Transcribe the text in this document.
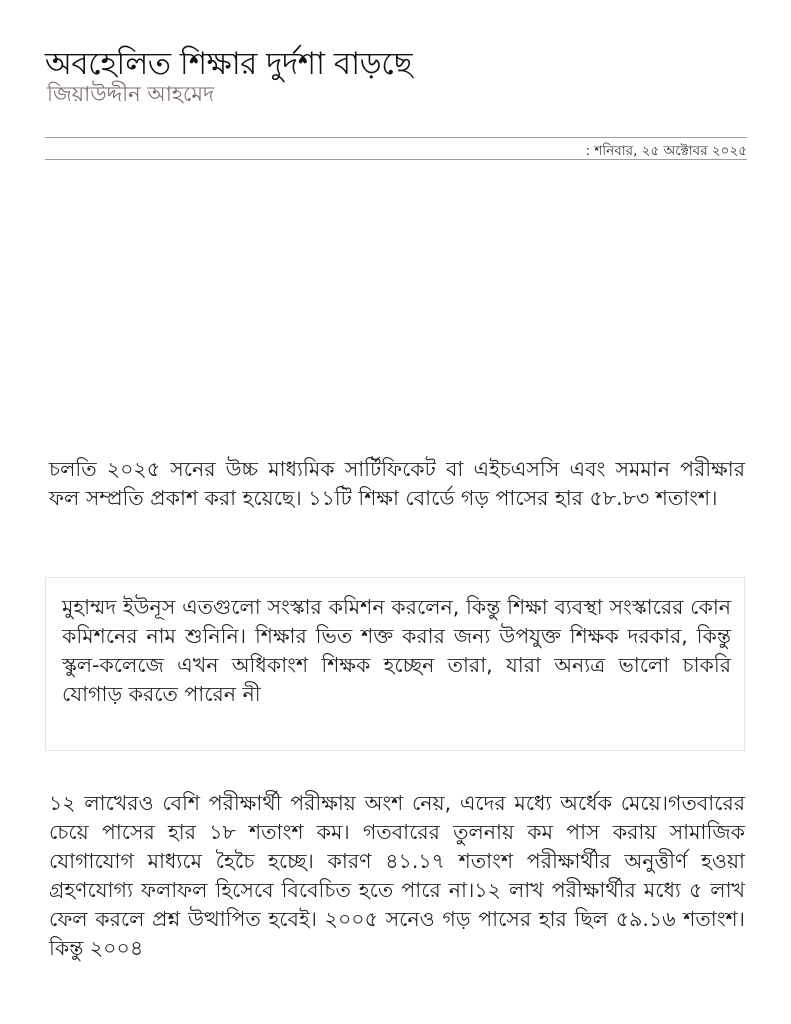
অবহেলিত শিক্ষার দুর্দশা বাড়ছে
জিয়াউদ্দীন আহমেদ
: শনিবার, ২৫ অক্টোবর ২০২৫

চলতি ২০২৫ সনের উচ্চ মাধ্যমিক সার্টিফিকেট বা এইচএসসি এবং সমমান পরীক্ষার ফল সম্প্রতি প্রকাশ করা হয়েছে। ১১টি শিক্ষা বোর্ডে গড় পাসের হার ৫৮.৮৩ শতাংশ।

মুহাম্মদ ইউনূস এতগুলো সংস্কার কমিশন করলেন, কিন্তু শিক্ষা ব্যবস্থা সংস্কারের কোন কমিশনের নাম শুনিনি। শিক্ষার ভিত শক্ত করার জন্য উপযুক্ত শিক্ষক দরকার, কিন্তু স্কুল-কলেজে এখন অধিকাংশ শিক্ষক হচ্ছেন তারা, যারা অন্যত্র ভালো চাকরি যোগাড় করতে পারেন নী

১২ লাখেরও বেশি পরীক্ষার্থী পরীক্ষায় অংশ নেয়, এদের মধ্যে অর্ধেক মেয়ে।গতবারের চেয়ে পাসের হার ১৮ শতাংশ কম। গতবারের তুলনায় কম পাস করায় সামাজিক যোগাযোগ মাধ্যমে হৈচৈ হচ্ছে। কারণ ৪১.১৭ শতাংশ পরীক্ষার্থীর অনুত্তীর্ণ হওয়া গ্রহণযোগ্য ফলাফল হিসেবে বিবেচিত হতে পারে না।১২ লাখ পরীক্ষার্থীর মধ্যে ৫ লাখ ফেল করলে প্রশ্ন উত্থাপিত হবেই। ২০০৫ সনেও গড় পাসের হার ছিল ৫৯.১৬ শতাংশ। কিন্তু ২০০৪
